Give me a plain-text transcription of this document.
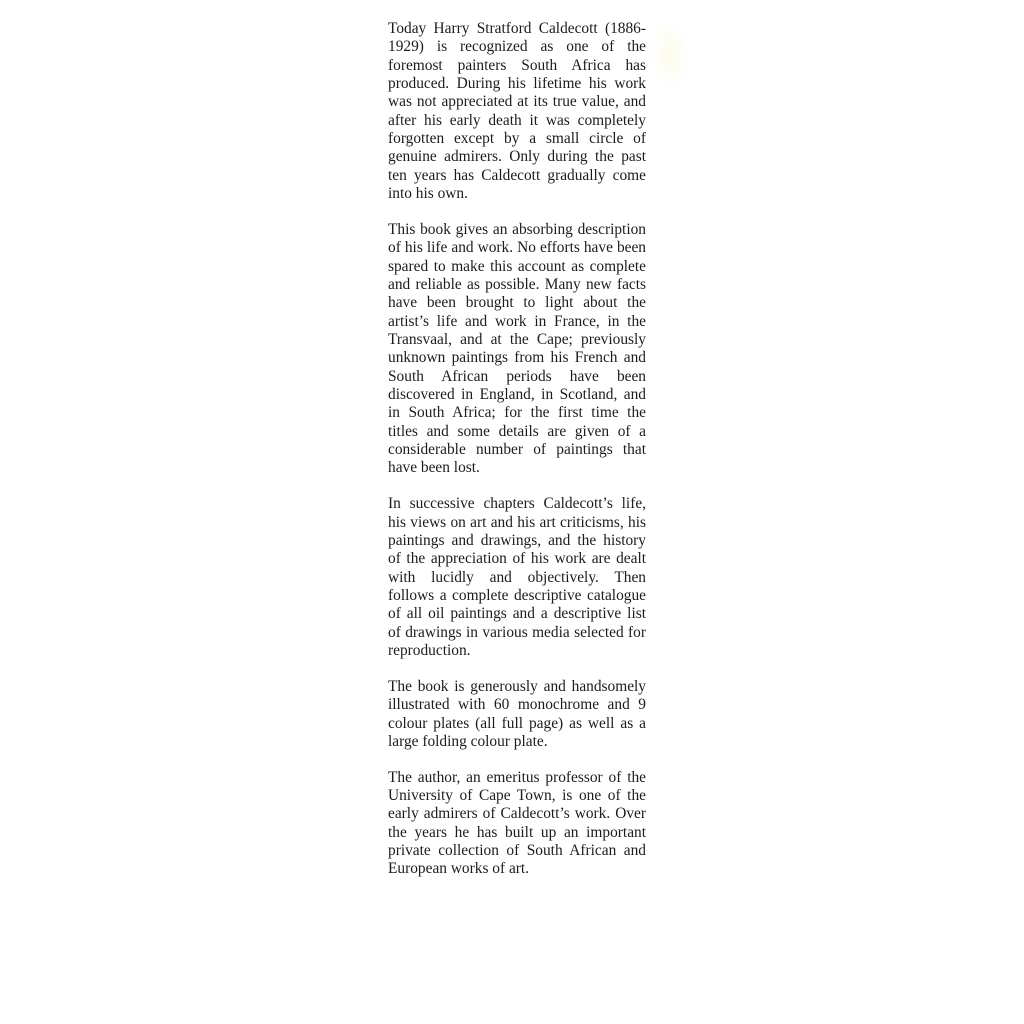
Today Harry Stratford Caldecott (1886-1929) is recognized as one of the foremost painters South Africa has produced. During his lifetime his work was not appreciated at its true value, and after his early death it was completely forgotten except by a small circle of genuine admirers. Only during the past ten years has Caldecott gradually come into his own.

This book gives an absorbing description of his life and work. No efforts have been spared to make this account as complete and reliable as possible. Many new facts have been brought to light about the artist’s life and work in France, in the Transvaal, and at the Cape; previously unknown paintings from his French and South African periods have been discovered in England, in Scotland, and in South Africa; for the first time the titles and some details are given of a considerable number of paintings that have been lost.

In successive chapters Caldecott’s life, his views on art and his art criticisms, his paintings and drawings, and the history of the appreciation of his work are dealt with lucidly and objectively. Then follows a complete descriptive catalogue of all oil paintings and a descriptive list of drawings in various media selected for reproduction.

The book is generously and handsomely illustrated with 60 monochrome and 9 colour plates (all full page) as well as a large folding colour plate.

The author, an emeritus professor of the University of Cape Town, is one of the early admirers of Caldecott’s work. Over the years he has built up an important private collection of South African and European works of art.
